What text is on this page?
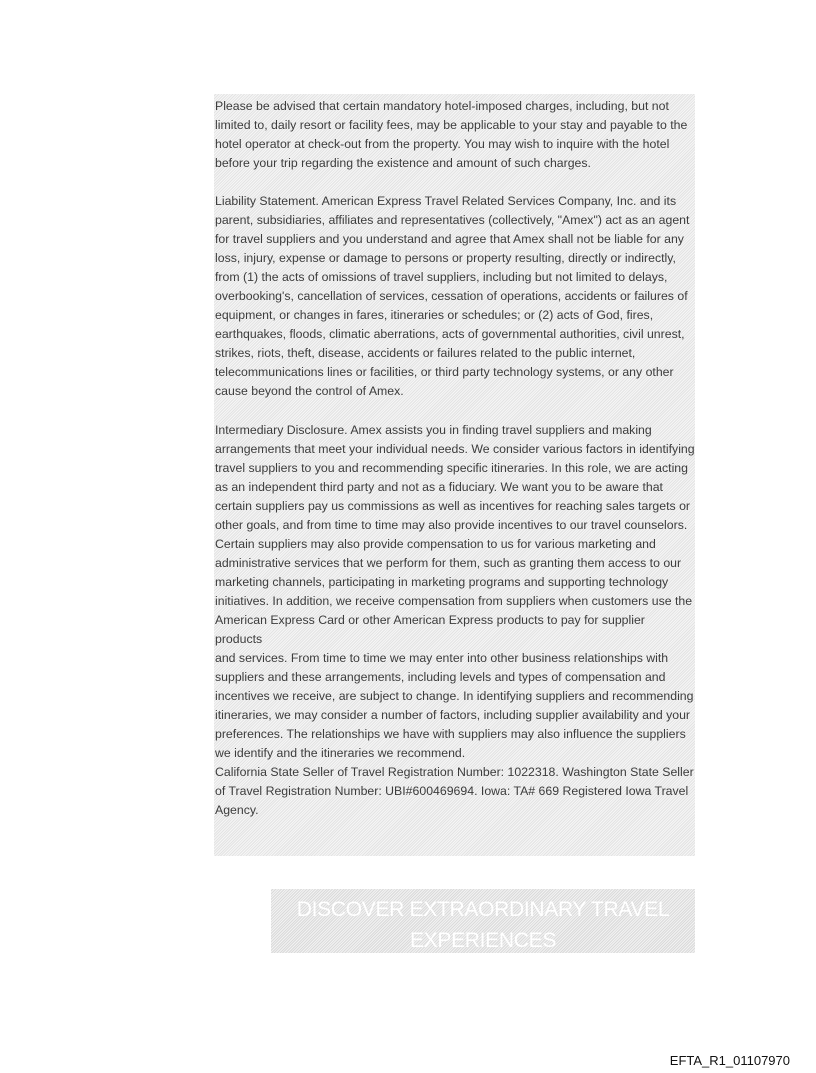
Please be advised that certain mandatory hotel-imposed charges, including, but not
limited to, daily resort or facility fees, may be applicable to your stay and payable to the
hotel operator at check-out from the property. You may wish to inquire with the hotel
before your trip regarding the existence and amount of such charges.

Liability Statement. American Express Travel Related Services Company, Inc. and its
parent, subsidiaries, affiliates and representatives (collectively, "Amex") act as an agent
for travel suppliers and you understand and agree that Amex shall not be liable for any
loss, injury, expense or damage to persons or property resulting, directly or indirectly,
from (1) the acts of omissions of travel suppliers, including but not limited to delays,
overbooking's, cancellation of services, cessation of operations, accidents or failures of
equipment, or changes in fares, itineraries or schedules; or (2) acts of God, fires,
earthquakes, floods, climatic aberrations, acts of governmental authorities, civil unrest,
strikes, riots, theft, disease, accidents or failures related to the public internet,
telecommunications lines or facilities, or third party technology systems, or any other
cause beyond the control of Amex.

Intermediary Disclosure. Amex assists you in finding travel suppliers and making
arrangements that meet your individual needs. We consider various factors in identifying
travel suppliers to you and recommending specific itineraries. In this role, we are acting
as an independent third party and not as a fiduciary. We want you to be aware that
certain suppliers pay us commissions as well as incentives for reaching sales targets or
other goals, and from time to time may also provide incentives to our travel counselors.
Certain suppliers may also provide compensation to us for various marketing and
administrative services that we perform for them, such as granting them access to our
marketing channels, participating in marketing programs and supporting technology
initiatives. In addition, we receive compensation from suppliers when customers use the
American Express Card or other American Express products to pay for supplier products
and services. From time to time we may enter into other business relationships with
suppliers and these arrangements, including levels and types of compensation and
incentives we receive, are subject to change. In identifying suppliers and recommending
itineraries, we may consider a number of factors, including supplier availability and your
preferences. The relationships we have with suppliers may also influence the suppliers
we identify and the itineraries we recommend.

California State Seller of Travel Registration Number: 1022318. Washington State Seller
of Travel Registration Number: UBI#600469694. Iowa: TA# 669 Registered Iowa Travel
Agency.

DISCOVER EXTRAORDINARY TRAVEL
EXPERIENCES
EFTA_R1_01107970
